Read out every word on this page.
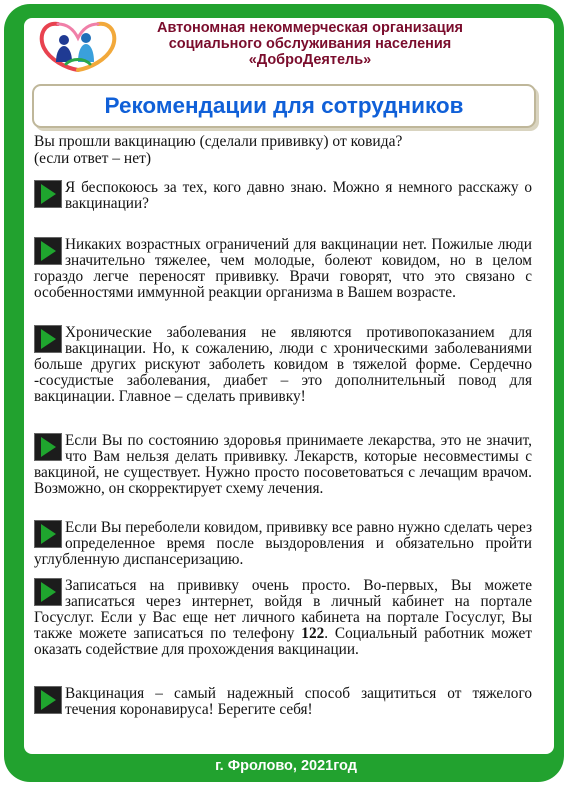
Автономная некоммерческая организация
социального обслуживания населения
«ДоброДеятель»
Рекомендации для сотрудников
Вы прошли вакцинацию (сделали прививку) от ковида?
(если ответ – нет)
Я беспокоюсь за тех, кого давно знаю. Можно я немного расскажу о вакцинации?
Никаких возрастных ограничений для вакцинации нет. Пожилые люди значительно тяжелее, чем молодые, болеют ковидом, но в целом гораздо легче переносят прививку. Врачи говорят, что это связано с особенностями иммунной реакции организма в Вашем возрасте.
Хронические заболевания не являются противопоказанием для вакцинации. Но, к сожалению, люди с хроническими заболеваниями больше других рискуют заболеть ковидом в тяжелой форме. Сердечно -сосудистые заболевания, диабет – это дополнительный повод для вакцинации. Главное – сделать прививку!
Если Вы по состоянию здоровья принимаете лекарства, это не значит, что Вам нельзя делать прививку. Лекарств, которые несовместимы с вакциной, не существует. Нужно просто посоветоваться с лечащим врачом. Возможно, он скорректирует схему лечения.
Если Вы переболели ковидом, прививку все равно нужно сделать через определенное время после выздоровления и обязательно пройти углубленную диспансеризацию.
Записаться на прививку очень просто. Во-первых, Вы можете записаться через интернет, войдя в личный кабинет на портале Госуслуг. Если у Вас еще нет личного кабинета на портале Госуслуг, Вы также можете записаться по телефону 122. Социальный работник может оказать содействие для прохождения вакцинации.
Вакцинация – самый надежный способ защититься от тяжелого течения коронавируса! Берегите себя!
г. Фролово, 2021год
